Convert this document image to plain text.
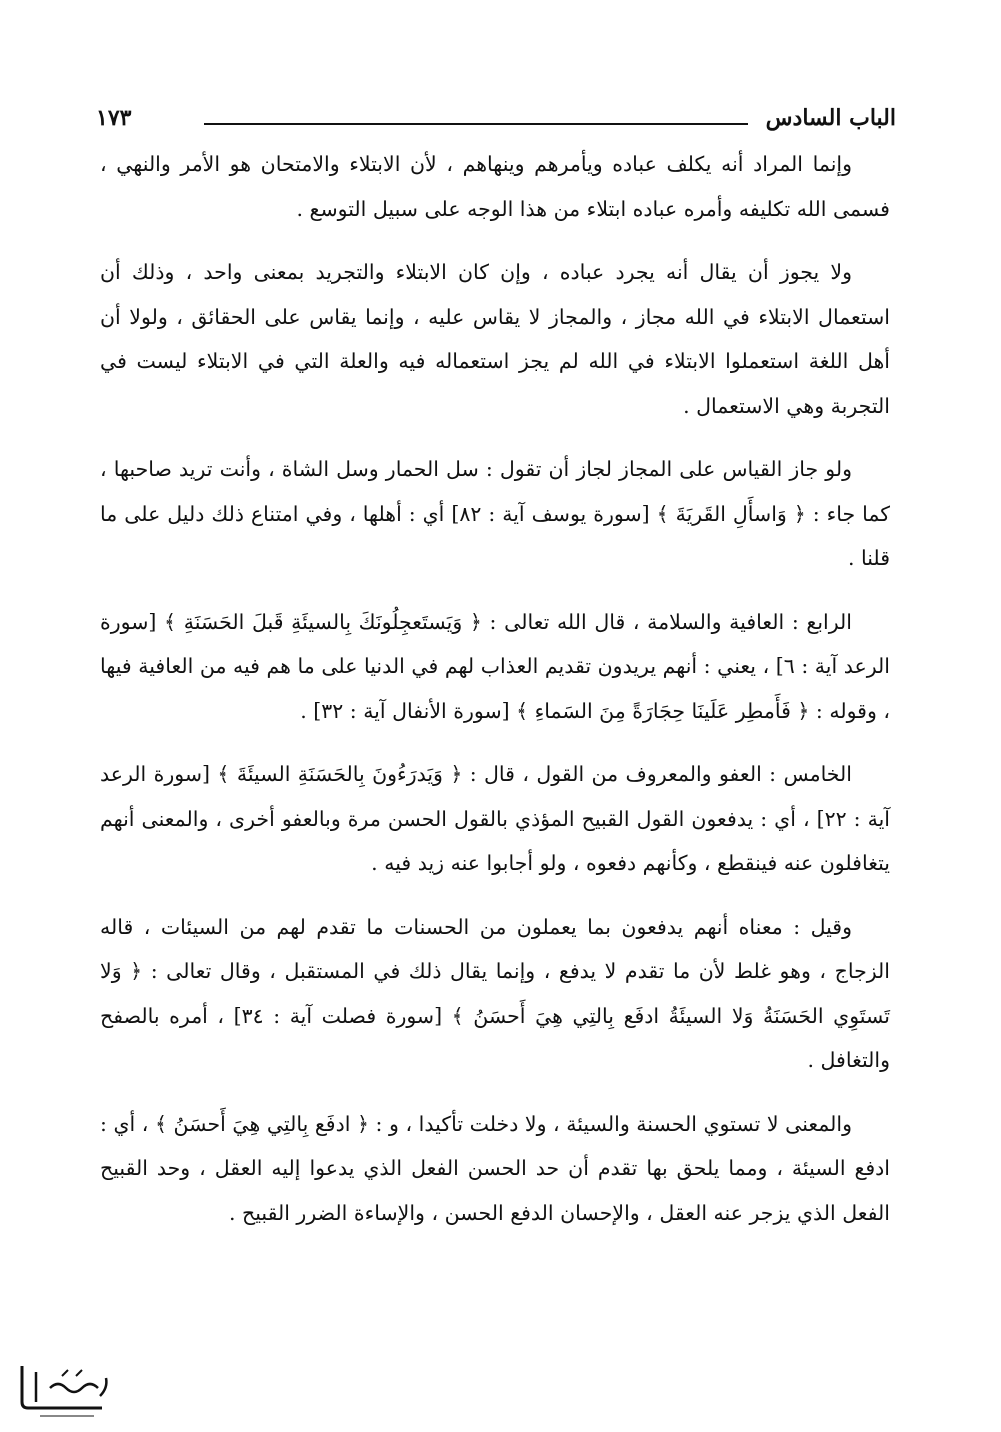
الباب السادس
١٧٣

وإنما المراد أنه يكلف عباده ويأمرهم وينهاهم ، لأن الابتلاء والامتحان هو الأمر والنهي ، فسمى الله تكليفه وأمره عباده ابتلاء من هذا الوجه على سبيل التوسع .

ولا يجوز أن يقال أنه يجرد عباده ، وإن كان الابتلاء والتجريد بمعنى واحد ، وذلك أن استعمال الابتلاء في الله مجاز ، والمجاز لا يقاس عليه ، وإنما يقاس على الحقائق ، ولولا أن أهل اللغة استعملوا الابتلاء في الله لم يجز استعماله فيه والعلة التي في الابتلاء ليست في التجربة وهي الاستعمال .

ولو جاز القياس على المجاز لجاز أن تقول : سل الحمار وسل الشاة ، وأنت تريد صاحبها ، كما جاء : ﴿ وَاسأَلِ القَريَةَ ﴾ [سورة يوسف آية : ٨٢] أي : أهلها ، وفي امتناع ذلك دليل على ما قلنا .

الرابع : العافية والسلامة ، قال الله تعالى : ﴿ وَيَستَعجِلُونَكَ بِالسيئَةِ قَبلَ الحَسَنَةِ ﴾ [سورة الرعد آية : ٦] ، يعني : أنهم يريدون تقديم العذاب لهم في الدنيا على ما هم فيه من العافية فيها ، وقوله : ﴿ فَأَمطِر عَلَينَا حِجَارَةً مِنَ السَماءِ ﴾ [سورة الأنفال آية : ٣٢] .

الخامس : العفو والمعروف من القول ، قال : ﴿ وَيَدرَءُونَ بِالحَسَنَةِ السيئَةَ ﴾ [سورة الرعد آية : ٢٢] ، أي : يدفعون القول القبيح المؤذي بالقول الحسن مرة وبالعفو أخرى ، والمعنى أنهم يتغافلون عنه فينقطع ، وكأنهم دفعوه ، ولو أجابوا عنه زيد فيه .

وقيل : معناه أنهم يدفعون بما يعملون من الحسنات ما تقدم لهم من السيئات ، قاله الزجاج ، وهو غلط لأن ما تقدم لا يدفع ، وإنما يقال ذلك في المستقبل ، وقال تعالى : ﴿ وَلا تَستَوِي الحَسَنَةُ وَلا السيئَةُ ادفَع بِالتِي هِيَ أَحسَنُ ﴾ [سورة فصلت آية : ٣٤] ، أمره بالصفح والتغافل .

والمعنى لا تستوي الحسنة والسيئة ، ولا دخلت تأكيدا ، و : ﴿ ادفَع بِالتِي هِيَ أَحسَنُ ﴾ ، أي : ادفع السيئة ، ومما يلحق بها تقدم أن حد الحسن الفعل الذي يدعوا إليه العقل ، وحد القبيح الفعل الذي يزجر عنه العقل ، والإحسان الدفع الحسن ، والإساءة الضرر القبيح .
